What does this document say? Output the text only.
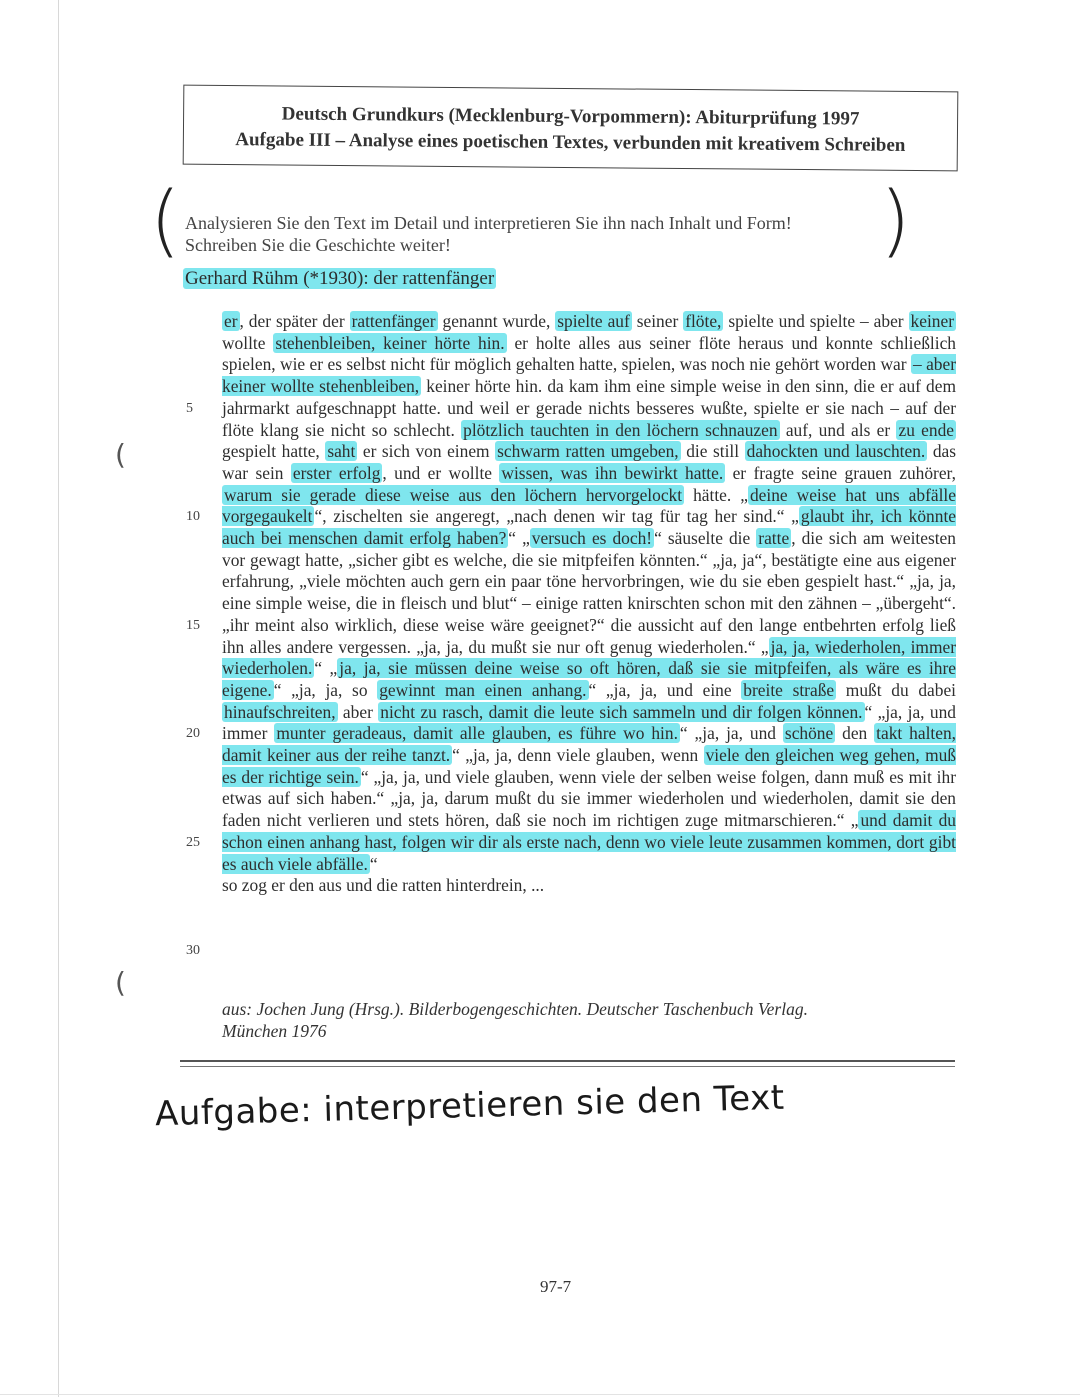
Deutsch Grundkurs (Mecklenburg-Vorpommern): Abiturprüfung 1997
Aufgabe III – Analyse eines poetischen Textes, verbunden mit kreativem Schreiben
(	)
Analysieren Sie den Text im Detail und interpretieren Sie ihn nach Inhalt und Form!
Schreiben Sie die Geschichte weiter!
Gerhard Rühm (*1930): der rattenfänger
5
10
15
20
25
30
(
(

er , der später der rattenfänger genannt wurde, spielte auf seiner flöte, spielte und spielte – aber keiner wollte stehenbleiben, keiner hörte hin. er holte alles aus seiner flöte heraus und konnte schließlich spielen, wie er es selbst nicht für möglich gehalten hatte, spielen, was noch nie gehört worden war – aber keiner wollte stehenbleiben, keiner hörte hin. da kam ihm eine simple weise in den sinn, die er auf dem jahrmarkt aufgeschnappt hatte. und weil er gerade nichts besseres wußte, spielte er sie nach – auf der flöte klang sie nicht so schlecht. plötzlich tauchten in den löchern schnauzen auf, und als er zu ende gespielt hatte, saht er sich von einem schwarm ratten umgeben, die still dahockten und lauschten. das war sein erster erfolg , und er wollte wissen, was ihn bewirkt hatte. er fragte seine grauen zuhörer, warum sie gerade diese weise aus den löchern hervorgelockt hätte. „ deine weise hat uns abfälle vorgegaukelt “, zischelten sie angeregt, „nach denen wir tag für tag her sind.“ „ glaubt ihr, ich könnte auch bei menschen damit erfolg haben? “ „ versuch es doch! “ säuselte die ratte , die sich am weitesten vor gewagt hatte, „sicher gibt es welche, die sie mitpfeifen könnten.“ „ja, ja“, bestätigte eine aus eigener erfahrung, „viele möchten auch gern ein paar töne hervorbringen, wie du sie eben gespielt hast.“ „ja, ja, eine simple weise, die in fleisch und blut“ – einige ratten knirschten schon mit den zähnen – „übergeht“. „ihr meint also wirklich, diese weise wäre geeignet?“ die aussicht auf den lange entbehrten erfolg ließ ihn alles andere vergessen. „ja, ja, du mußt sie nur oft genug wiederholen.“ „ ja, ja, wiederholen, immer wiederholen. “ „ ja, ja, sie müssen deine weise so oft hören, daß sie sie mitpfeifen, als wäre es ihre eigene. “ „ja, ja, so gewinnt man einen anhang. “ „ja, ja, und eine breite straße mußt du dabei hinaufschreiten, aber nicht zu rasch, damit die leute sich sammeln und dir folgen können. “ „ja, ja, und immer munter geradeaus, damit alle glauben, es führe wo hin. “ „ja, ja, und schöne den takt halten, damit keiner aus der reihe tanzt. “ „ja, ja, denn viele glauben, wenn viele den gleichen weg gehen, muß es der richtige sein. “ „ja, ja, und viele glauben, wenn viele der selben weise folgen, dann muß es mit ihr etwas auf sich haben.“ „ja, ja, darum mußt du sie immer wiederholen und wiederholen, damit sie den faden nicht verlieren und stets hören, daß sie noch im richtigen zuge mitmarschieren.“ „ und damit du schon einen anhang hast, folgen wir dir als erste nach, denn wo viele leute zusammen kommen, dort gibt es auch viele abfälle. “

so zog er den aus und die ratten hinterdrein, ...

aus: Jochen Jung (Hrsg.). Bilderbogengeschichten. Deutscher Taschenbuch Verlag.
München 1976
Aufgabe: interpretieren sie den Text
97-7
